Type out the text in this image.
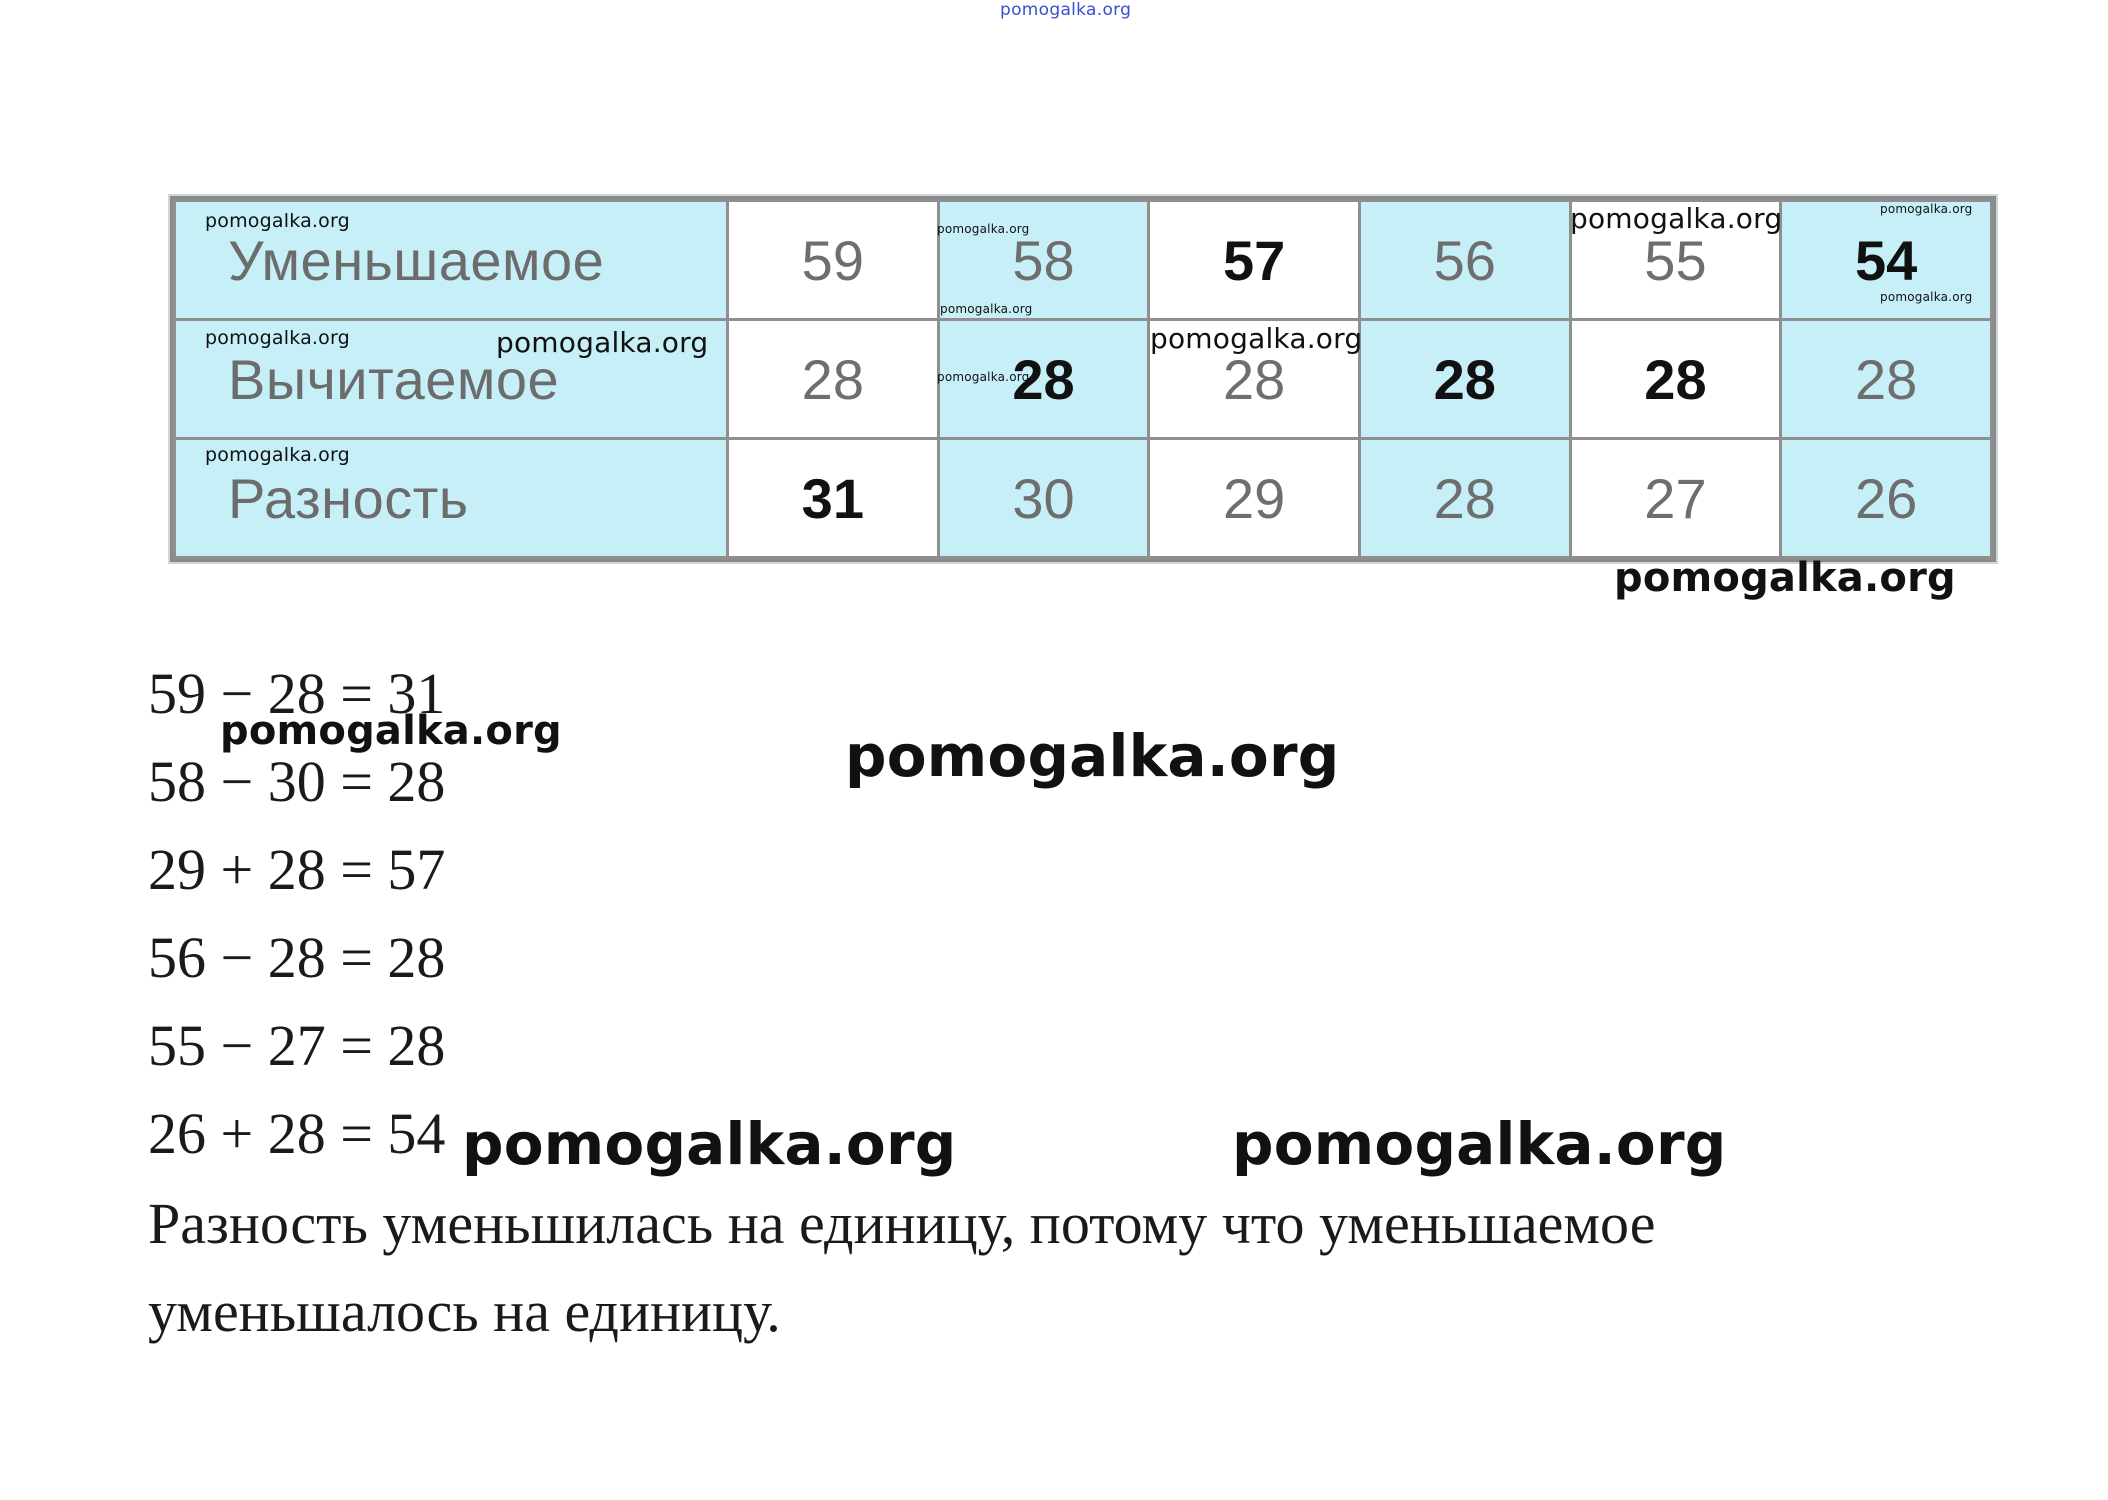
pomogalka.org
Уменьшаемое	59	58	57	56	55	54
Вычитаемое	28	28	28	28	28	28
Разность	31	30	29	28	27	26
59 − 28 = 31
58 − 30 = 28
29 + 28 = 57
56 − 28 = 28
55 − 27 = 28
26 + 28 = 54
Разность уменьшилась на единицу, потому что уменьшаемое уменьшалось на единицу.
pomogalka.org
pomogalka.org
pomogalka.org
pomogalka.org
pomogalka.org
pomogalka.org
pomogalka.org
pomogalka.org
pomogalka.org	pomogalka.org
pomogalka.org
pomogalka.org
pomogalka.org	pomogalka.org
pomogalka.org	pomogalka.org
